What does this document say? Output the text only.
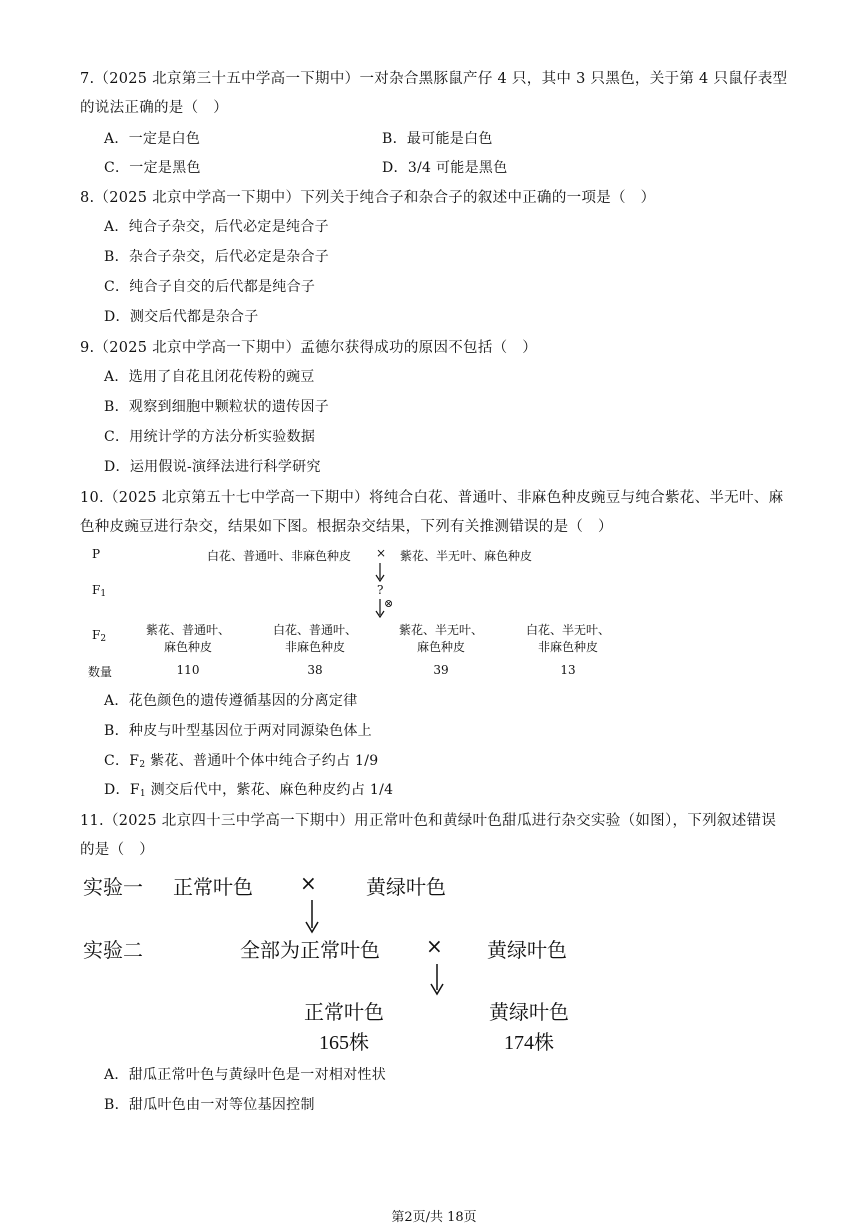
7.（2025 北京第三十五中学高一下期中）一对杂合黑豚鼠产仔 4 只，其中 3 只黑色，关于第 4 只鼠仔表型
的说法正确的是（　）
A．一定是白色	B．最可能是白色
C．一定是黑色	D．3/4 可能是黑色
8.（2025 北京中学高一下期中）下列关于纯合子和杂合子的叙述中正确的一项是（　）
A．纯合子杂交，后代必定是纯合子
B．杂合子杂交，后代必定是杂合子
C．纯合子自交的后代都是纯合子
D．测交后代都是杂合子
9.（2025 北京中学高一下期中）孟德尔获得成功的原因不包括（　）
A．选用了自花且闭花传粉的豌豆
B．观察到细胞中颗粒状的遗传因子
C．用统计学的方法分析实验数据
D．运用假说-演绎法进行科学研究
10.（2025 北京第五十七中学高一下期中）将纯合白花、普通叶、非麻色种皮豌豆与纯合紫花、半无叶、麻
色种皮豌豆进行杂交，结果如下图。根据杂交结果，下列有关推测错误的是（　）
P
$F_1$
$F_2$
数量
白花、普通叶、非麻色种皮 × 紫花、半无叶、麻色种皮
?
⊗
紫花、普通叶、
麻色种皮
白花、普通叶、
非麻色种皮
紫花、半无叶、
麻色种皮
白花、半无叶、
非麻色种皮
110	38	39	13
A．花色颜色的遗传遵循基因的分离定律
B．种皮与叶型基因位于两对同源染色体上
C．$F_2$ 紫花、普通叶个体中纯合子约占 1/9
D．$F_1$ 测交后代中，紫花、麻色种皮约占 1/4
11.（2025 北京四十三中学高一下期中）用正常叶色和黄绿叶色甜瓜进行杂交实验（如图），下列叙述错误
的是（　）
实验一 正常叶色 × 黄绿叶色
实验二	全部为正常叶色 × 黄绿叶色
正常叶色
165株
黄绿叶色
174株
A．甜瓜正常叶色与黄绿叶色是一对相对性状
B．甜瓜叶色由一对等位基因控制
第2页/共 18页
